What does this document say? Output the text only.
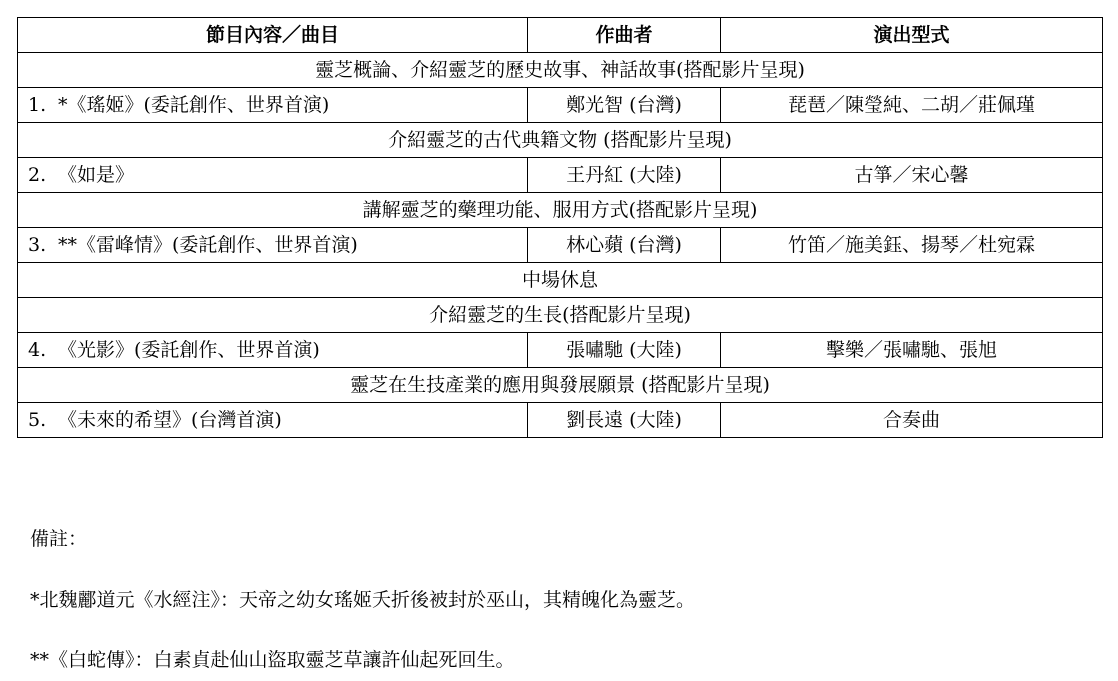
節目內容／曲目	作曲者	演出型式
靈芝概論、介紹靈芝的歷史故事、神話故事(搭配影片呈現)		
1. *《瑤姬》(委託創作、世界首演)	鄭光智 (台灣)	琵琶／陳瑩純、二胡／莊佩瑾
介紹靈芝的古代典籍文物 (搭配影片呈現)		
2. 《如是》	王丹紅 (大陸)	古箏／宋心馨
講解靈芝的藥理功能、服用方式(搭配影片呈現)		
3. **《雷峰情》(委託創作、世界首演)	林心蘋 (台灣)	竹笛／施美鈺、揚琴／杜宛霖
中場休息		
介紹靈芝的生長(搭配影片呈現)		
4. 《光影》(委託創作、世界首演)	張嘯馳 (大陸)	擊樂／張嘯馳、張旭
靈芝在生技產業的應用與發展願景 (搭配影片呈現)		
5. 《未來的希望》(台灣首演)	劉長遠 (大陸)	合奏曲
備註：
*北魏酈道元《水經注》：天帝之幼女瑤姬夭折後被封於巫山，其精魄化為靈芝。
**《白蛇傳》：白素貞赴仙山盜取靈芝草讓許仙起死回生。
